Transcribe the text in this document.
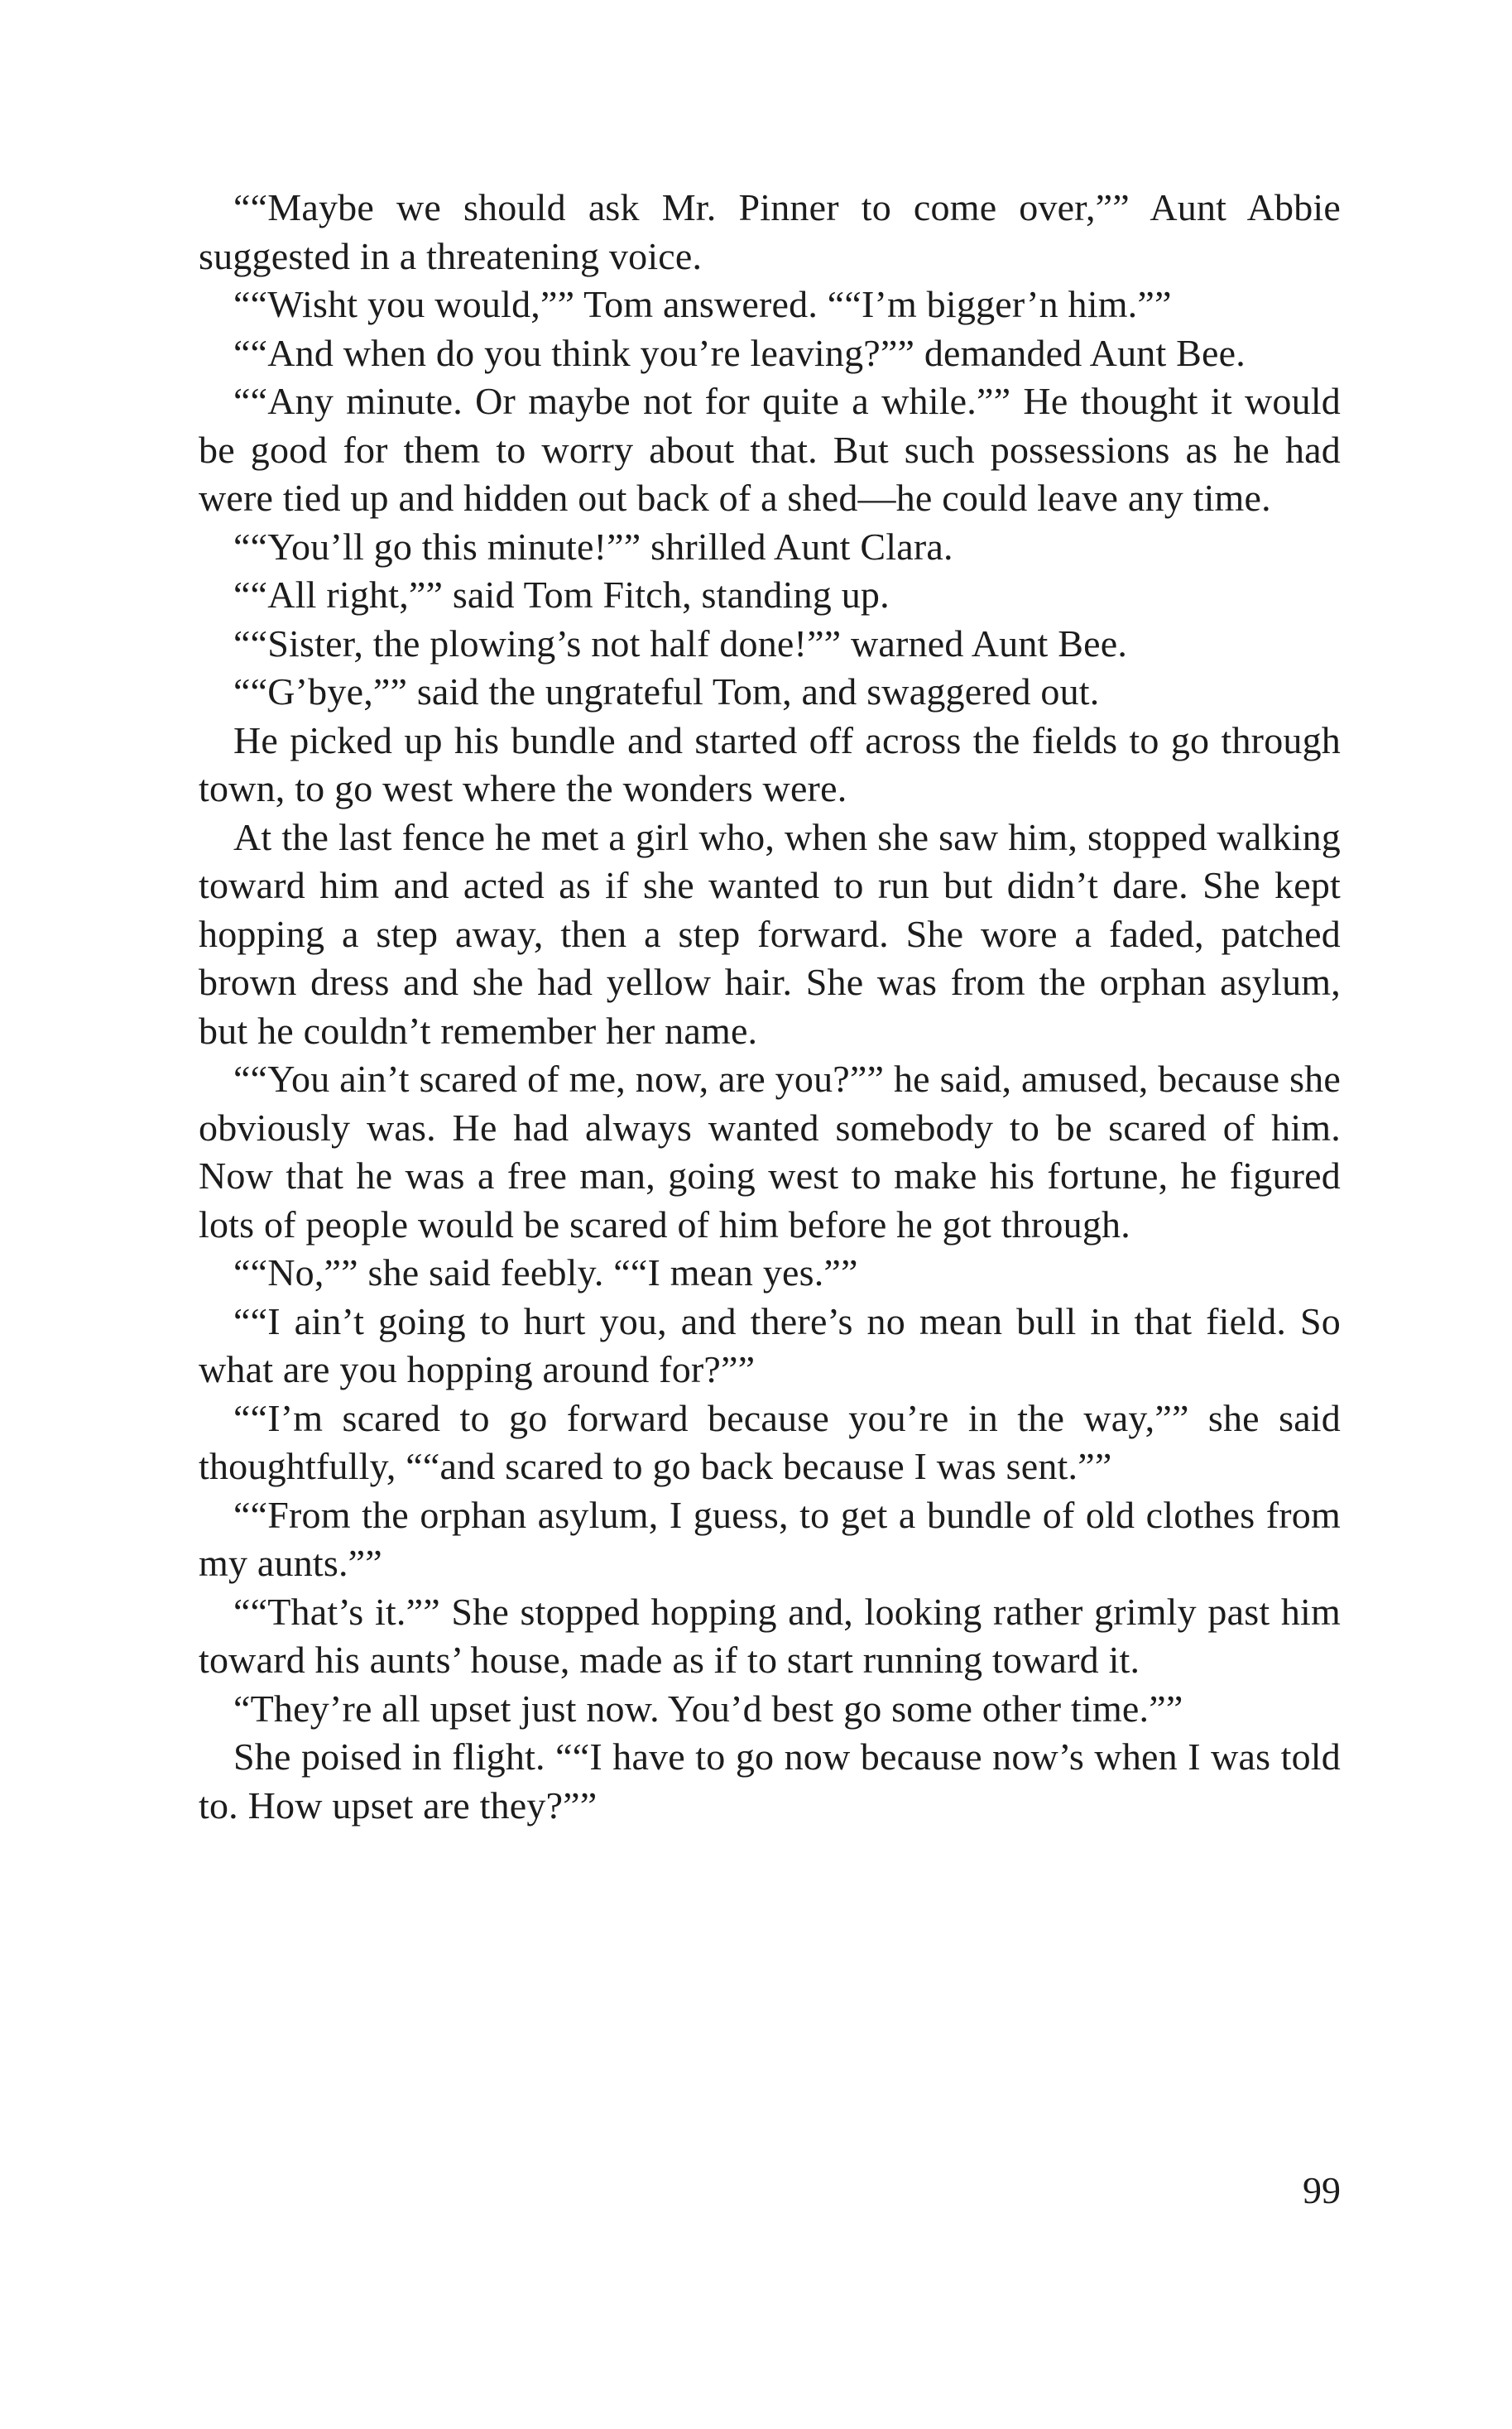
““Maybe we should ask Mr. Pinner to come over,”” Aunt Abbie suggested in a threatening voice.

““Wisht you would,”” Tom answered. ““I’m bigger’n him.””

““And when do you think you’re leaving?”” demanded Aunt Bee.

““Any minute. Or maybe not for quite a while.”” He thought it would be good for them to worry about that. But such possessions as he had were tied up and hidden out back of a shed—he could leave any time.

““You’ll go this minute!”” shrilled Aunt Clara.

““All right,”” said Tom Fitch, standing up.

““Sister, the plowing’s not half done!”” warned Aunt Bee.

““G’bye,”” said the ungrateful Tom, and swaggered out.

He picked up his bundle and started off across the fields to go through town, to go west where the wonders were.

At the last fence he met a girl who, when she saw him, stopped walking toward him and acted as if she wanted to run but didn’t dare. She kept hopping a step away, then a step forward. She wore a faded, patched brown dress and she had yellow hair. She was from the orphan asylum, but he couldn’t remember her name.

““You ain’t scared of me, now, are you?”” he said, amused, because she obviously was. He had always wanted somebody to be scared of him. Now that he was a free man, going west to make his fortune, he figured lots of people would be scared of him before he got through.

““No,”” she said feebly. ““I mean yes.””

““I ain’t going to hurt you, and there’s no mean bull in that field. So what are you hopping around for?””

““I’m scared to go forward because you’re in the way,”” she said thoughtfully, ““and scared to go back because I was sent.””

““From the orphan asylum, I guess, to get a bundle of old clothes from my aunts.””

““That’s it.”” She stopped hopping and, looking rather grimly past him toward his aunts’ house, made as if to start running toward it.

“They’re all upset just now. You’d best go some other time.””

She poised in flight. ““I have to go now because now’s when I was told to. How upset are they?””

99
